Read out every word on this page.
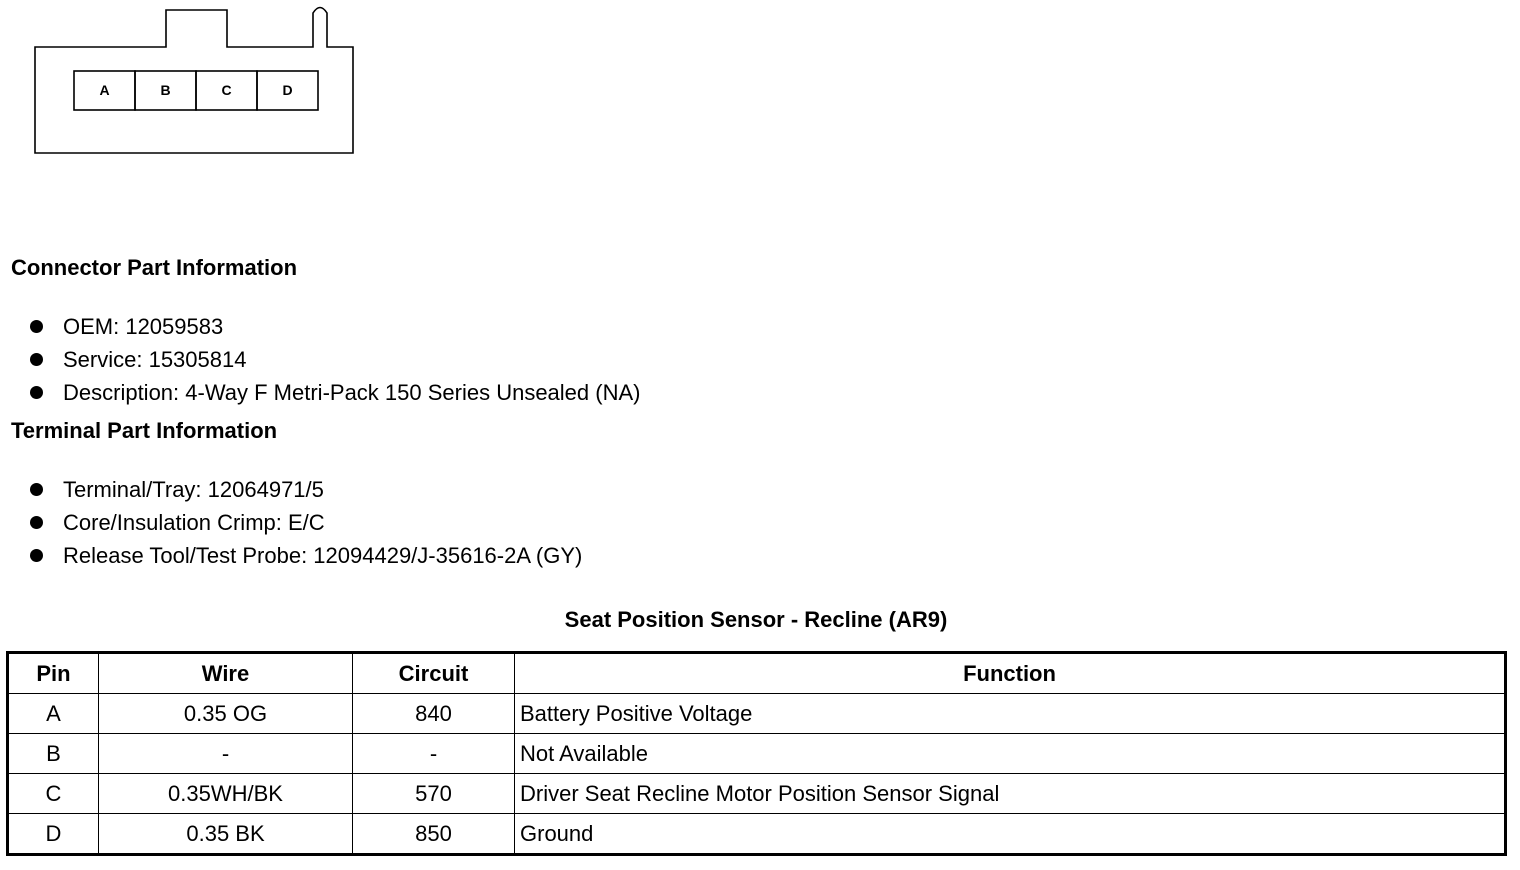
A	B	C	D
Connector Part Information
OEM: 12059583
Service: 15305814
Description: 4-Way F Metri-Pack 150 Series Unsealed (NA)
Terminal Part Information
Terminal/Tray: 12064971/5
Core/Insulation Crimp: E/C
Release Tool/Test Probe: 12094429/J-35616-2A (GY)
Seat Position Sensor - Recline (AR9)
Pin	Wire	Circuit	Function
A	0.35 OG	840	Battery Positive Voltage
B	-	-	Not Available
C	0.35WH/BK	570	Driver Seat Recline Motor Position Sensor Signal
D	0.35 BK	850	Ground
